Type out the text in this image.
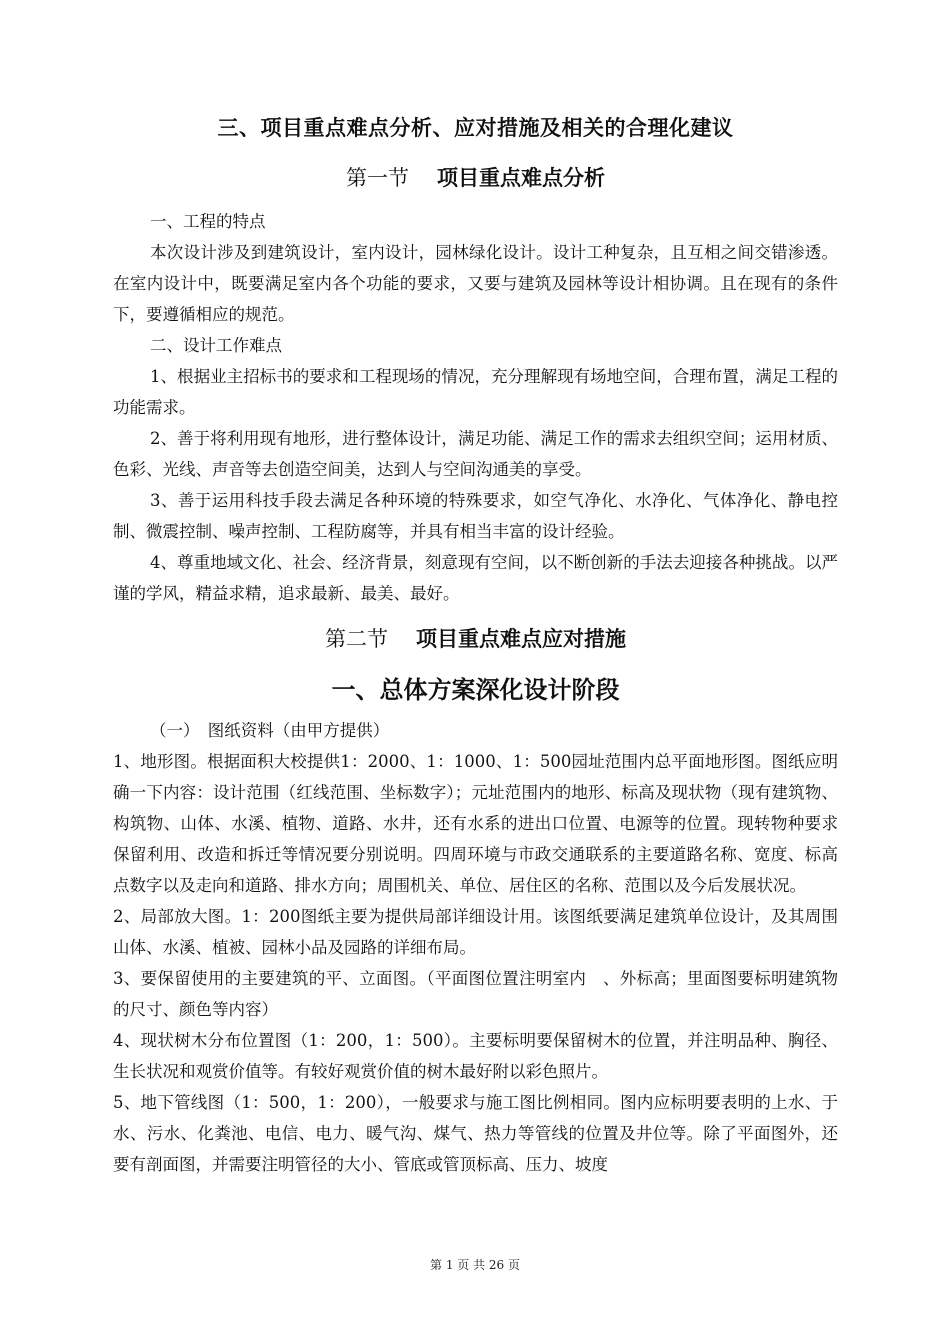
三、项目重点难点分析、应对措施及相关的合理化建议
第一节 项目重点难点分析

一、工程的特点

本次设计涉及到建筑设计，室内设计，园林绿化设计。设计工种复杂，且互相之间交错渗透。在室内设计中，既要满足室内各个功能的要求，又要与建筑及园林等设计相协调。且在现有的条件下，要遵循相应的规范。

二、设计工作难点

1、根据业主招标书的要求和工程现场的情况，充分理解现有场地空间，合理布置，满足工程的功能需求。

2、善于将利用现有地形，进行整体设计，满足功能、满足工作的需求去组织空间；运用材质、色彩、光线、声音等去创造空间美，达到人与空间沟通美的享受。

3、善于运用科技手段去满足各种环境的特殊要求，如空气净化、水净化、气体净化、静电控制、微震控制、噪声控制、工程防腐等，并具有相当丰富的设计经验。

4、尊重地域文化、社会、经济背景，刻意现有空间，以不断创新的手法去迎接各种挑战。以严谨的学风，精益求精，追求最新、最美、最好。

第二节 项目重点难点应对措施
一、总体方案深化设计阶段

（一）　图纸资料（由甲方提供）

1、地形图。根据面积大校提供1：2000、1：1000、1：500园址范围内总平面地形图。图纸应明确一下内容：设计范围（红线范围、坐标数字）；元址范围内的地形、标高及现状物（现有建筑物、构筑物、山体、水溪、植物、道路、水井，还有水系的进出口位置、电源等的位置。现转物种要求保留利用、改造和拆迁等情况要分别说明。四周环境与市政交通联系的主要道路名称、宽度、标高点数字以及走向和道路、排水方向；周围机关、单位、居住区的名称、范围以及今后发展状况。

2、局部放大图。1：200图纸主要为提供局部详细设计用。该图纸要满足建筑单位设计，及其周围山体、水溪、植被、园林小品及园路的详细布局。

3、要保留使用的主要建筑的平、立面图。（平面图位置注明室内　、外标高；里面图要标明建筑物的尺寸、颜色等内容）

4、现状树木分布位置图（1：200，1：500）。主要标明要保留树木的位置，并注明品种、胸径、生长状况和观赏价值等。有较好观赏价值的树木最好附以彩色照片。

5、地下管线图（1：500，1：200），一般要求与施工图比例相同。图内应标明要表明的上水、于水、污水、化粪池、电信、电力、暖气沟、煤气、热力等管线的位置及井位等。除了平面图外，还要有剖面图，并需要注明管径的大小、管底或管顶标高、压力、坡度

第 1 页 共 26 页
